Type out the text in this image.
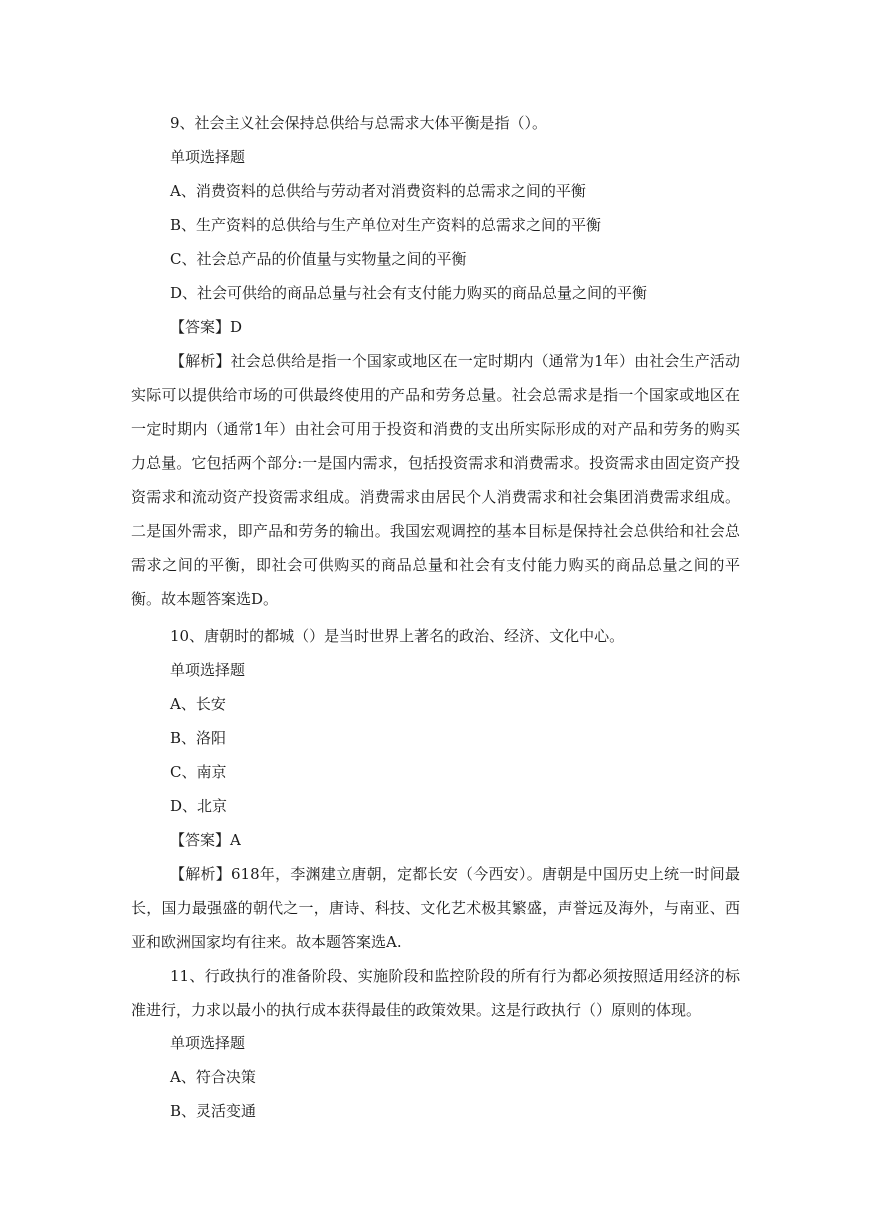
9、社会主义社会保持总供给与总需求大体平衡是指（）。
单项选择题
A、消费资料的总供给与劳动者对消费资料的总需求之间的平衡
B、生产资料的总供给与生产单位对生产资料的总需求之间的平衡
C、社会总产品的价值量与实物量之间的平衡
D、社会可供给的商品总量与社会有支付能力购买的商品总量之间的平衡
【答案】D

【解析】社会总供给是指一个国家或地区在一定时期内（通常为1年）由社会生产活动实际可以提供给市场的可供最终使用的产品和劳务总量。社会总需求是指一个国家或地区在一定时期内（通常1年）由社会可用于投资和消费的支出所实际形成的对产品和劳务的购买力总量。它包括两个部分:一是国内需求，包括投资需求和消费需求。投资需求由固定资产投资需求和流动资产投资需求组成。消费需求由居民个人消费需求和社会集团消费需求组成。二是国外需求，即产品和劳务的输出。我国宏观调控的基本目标是保持社会总供给和社会总需求之间的平衡，即社会可供购买的商品总量和社会有支付能力购买的商品总量之间的平衡。故本题答案选D。

10、唐朝时的都城（）是当时世界上著名的政治、经济、文化中心。
单项选择题
A、长安
B、洛阳
C、南京
D、北京
【答案】A

【解析】618年，李渊建立唐朝，定都长安（今西安）。唐朝是中国历史上统一时间最长，国力最强盛的朝代之一，唐诗、科技、文化艺术极其繁盛，声誉远及海外，与南亚、西亚和欧洲国家均有往来。故本题答案选A.

11、行政执行的准备阶段、实施阶段和监控阶段的所有行为都必须按照适用经济的标准进行，力求以最小的执行成本获得最佳的政策效果。这是行政执行（）原则的体现。

单项选择题
A、符合决策
B、灵活变通
